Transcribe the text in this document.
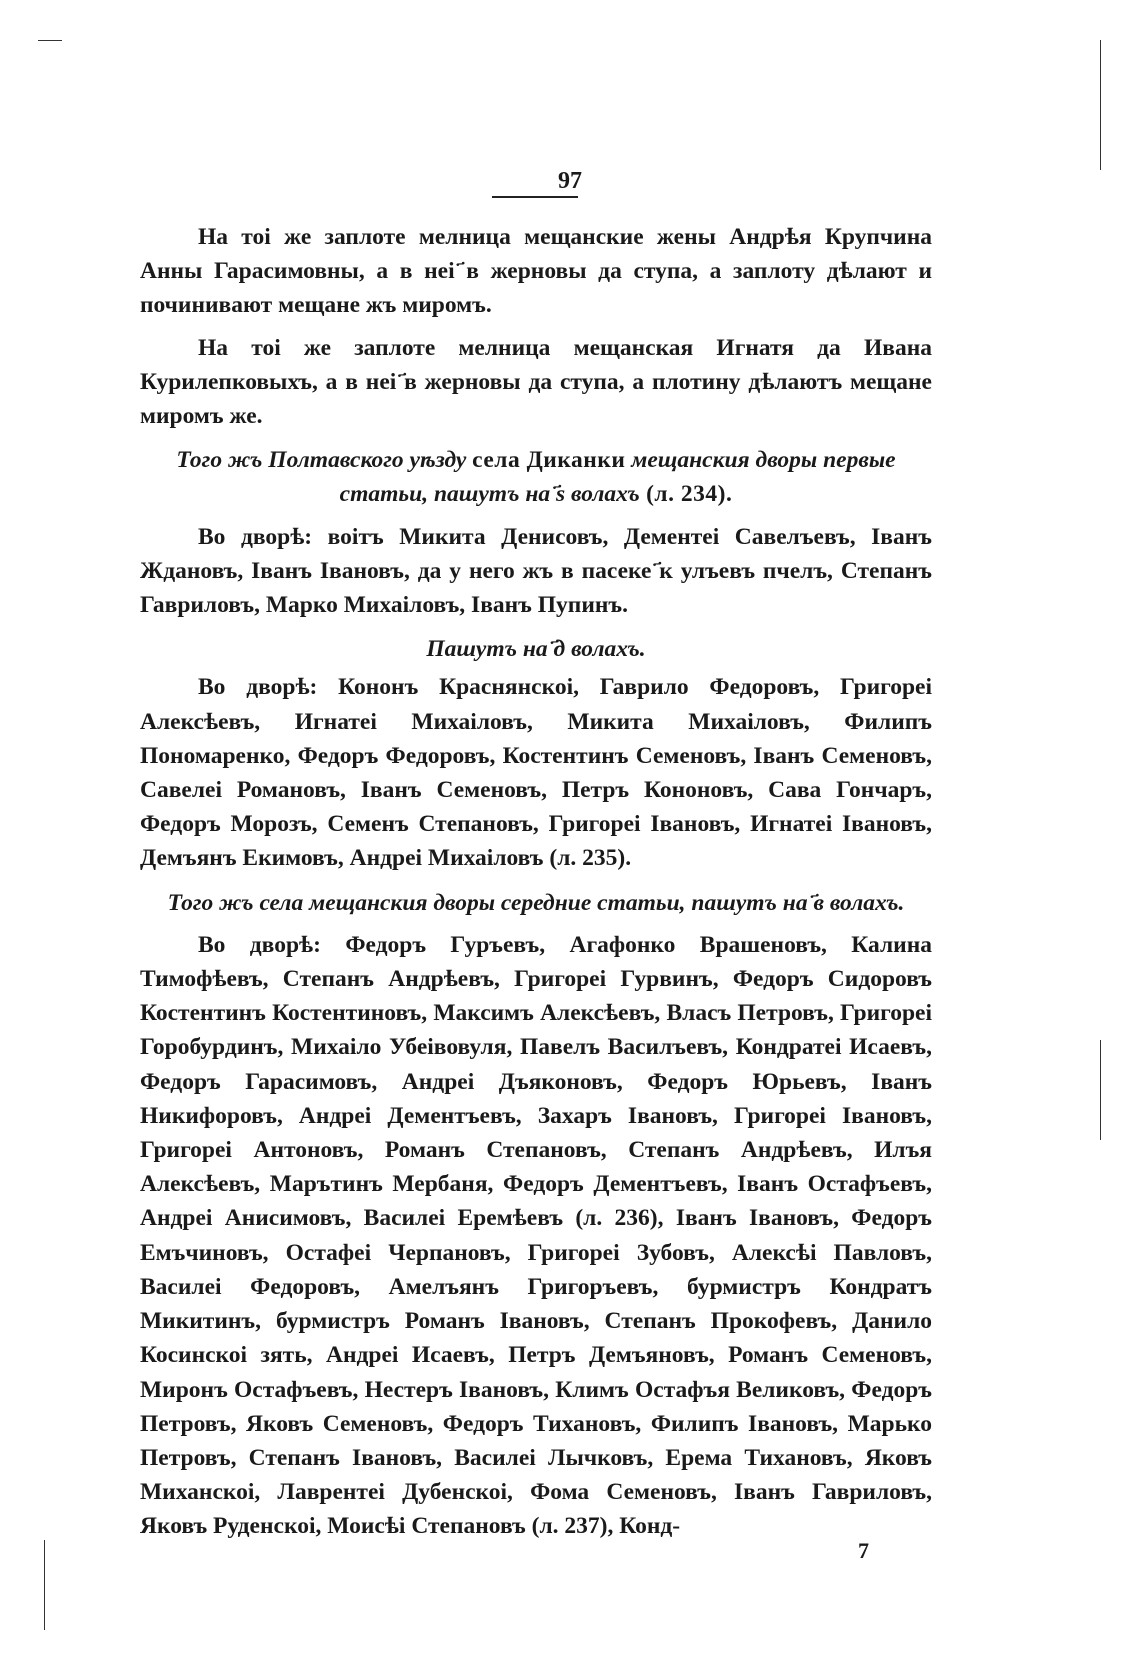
97

На тоі же заплоте мелница мещанские жены Андрѣя Крупчина Анны Гарасимовны, а в неі ҃в жерновы да ступа, а заплоту дѣлают и починивают мещане жъ миромъ.

На тоі же заплоте мелница мещанская Игнатя да Ивана Курилепковыхъ, а в неі ҃в жерновы да ступа, а плотину дѣлаютъ мещане миромъ же.

Того жъ Полтавского уѣзду села Диканки мещанския дворы первые статьи, пашутъ на ҃s волахъ (л. 234).

Во дворѣ: воітъ Микита Денисовъ, Дементеі Савелъевъ, Іванъ Ждановъ, Іванъ Івановъ, да у него жъ в пасеке ҃к улъевъ пчелъ, Степанъ Гавриловъ, Марко Михаіловъ, Іванъ Пупинъ.

Пашутъ на ҃д волахъ.

Во дворѣ: Кононъ Краснянскоі, Гаврило Федоровъ, Григореі Алексѣевъ, Игнатеі Михаіловъ, Микита Михаіловъ, Филипъ Пономаренко, Федоръ Федоровъ, Костентинъ Семеновъ, Іванъ Семеновъ, Савелеі Романовъ, Іванъ Семеновъ, Петръ Кононовъ, Сава Гончаръ, Федоръ Морозъ, Семенъ Степановъ, Григореі Івановъ, Игнатеі Івановъ, Демъянъ Екимовъ, Андреі Михаіловъ (л. 235).

Того жъ села мещанския дворы середние статьи, пашутъ на ҃в волахъ.

Во дворѣ: Федоръ Гуръевъ, Агафонко Врашеновъ, Калина Тимофѣевъ, Степанъ Андрѣевъ, Григореі Гурвинъ, Федоръ Сидоровъ Костентинъ Костентиновъ, Максимъ Алексѣевъ, Власъ Петровъ, Григореі Горобурдинъ, Михаіло Убеівовуля, Павелъ Василъевъ, Кондратеі Исаевъ, Федоръ Гарасимовъ, Андреі Дъяконовъ, Федоръ Юрьевъ, Іванъ Никифоровъ, Андреі Дементъевъ, Захаръ Івановъ, Григореі Івановъ, Григореі Антоновъ, Романъ Степановъ, Степанъ Андрѣевъ, Илъя Алексѣевъ, Марътинъ Мербаня, Федоръ Дементъевъ, Іванъ Остафъевъ, Андреі Анисимовъ, Василеі Еремѣевъ (л. 236), Іванъ Івановъ, Федоръ Емъчиновъ, Остафеі Черпановъ, Григореі Зубовъ, Алексѣі Павловъ, Василеі Федоровъ, Амелъянъ Григоръевъ, бурмистръ Кондратъ Микитинъ, бурмистръ Романъ Івановъ, Степанъ Прокофевъ, Данило Косинскоі зять, Андреі Исаевъ, Петръ Демъяновъ, Романъ Семеновъ, Миронъ Остафъевъ, Нестеръ Івановъ, Климъ Остафъя Великовъ, Федоръ Петровъ, Яковъ Семеновъ, Федоръ Тихановъ, Филипъ Івановъ, Марько Петровъ, Степанъ Івановъ, Василеі Лычковъ, Ерема Тихановъ, Яковъ Миханскоі, Лаврентеі Дубенскоі, Фома Семеновъ, Іванъ Гавриловъ, Яковъ Руденскоі, Моисѣі Степановъ (л. 237), Конд-

7
